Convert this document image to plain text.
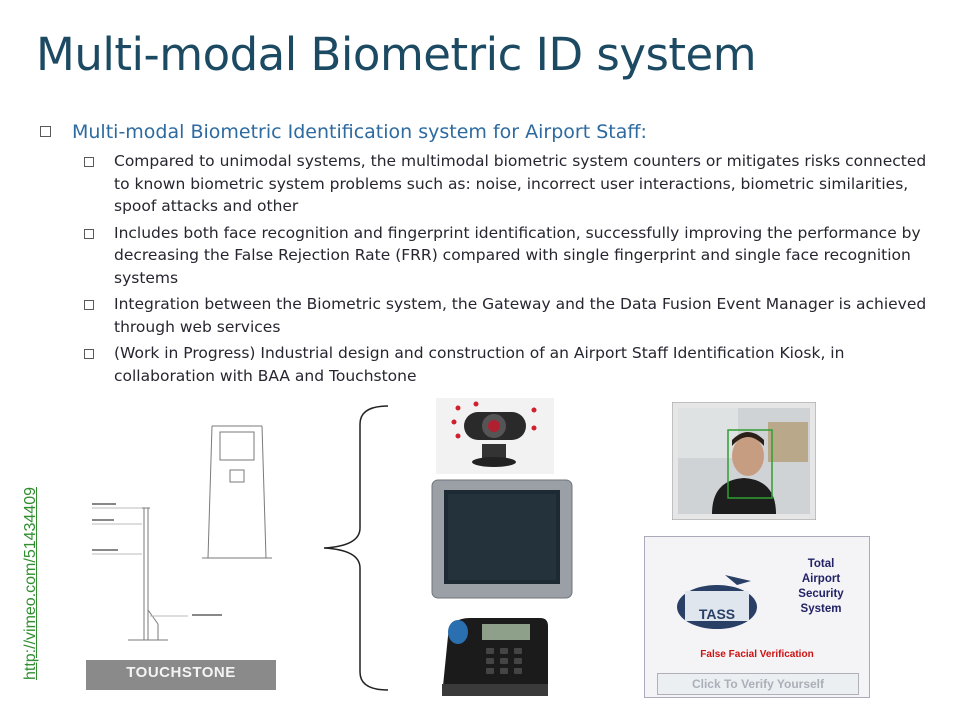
Multi-modal Biometric ID system
Multi-modal Biometric Identification system for Airport Staff:
Compared to unimodal systems, the multimodal biometric system counters or mitigates risks connected to known biometric system problems such as: noise, incorrect user interactions, biometric similarities, spoof attacks and other
Includes both face recognition and fingerprint identification, successfully improving the performance by decreasing the False Rejection Rate (FRR) compared with single fingerprint and single face recognition systems
Integration between the Biometric system, the Gateway and the Data Fusion Event Manager is achieved through web services
(Work in Progress) Industrial design and construction of an Airport Staff Identification Kiosk, in collaboration with BAA and Touchstone
http://vimeo.com/51434409	TOUCHSTONE
TASS
Total
Airport
Security
System
False Facial Verification
Click To Verify Yourself
